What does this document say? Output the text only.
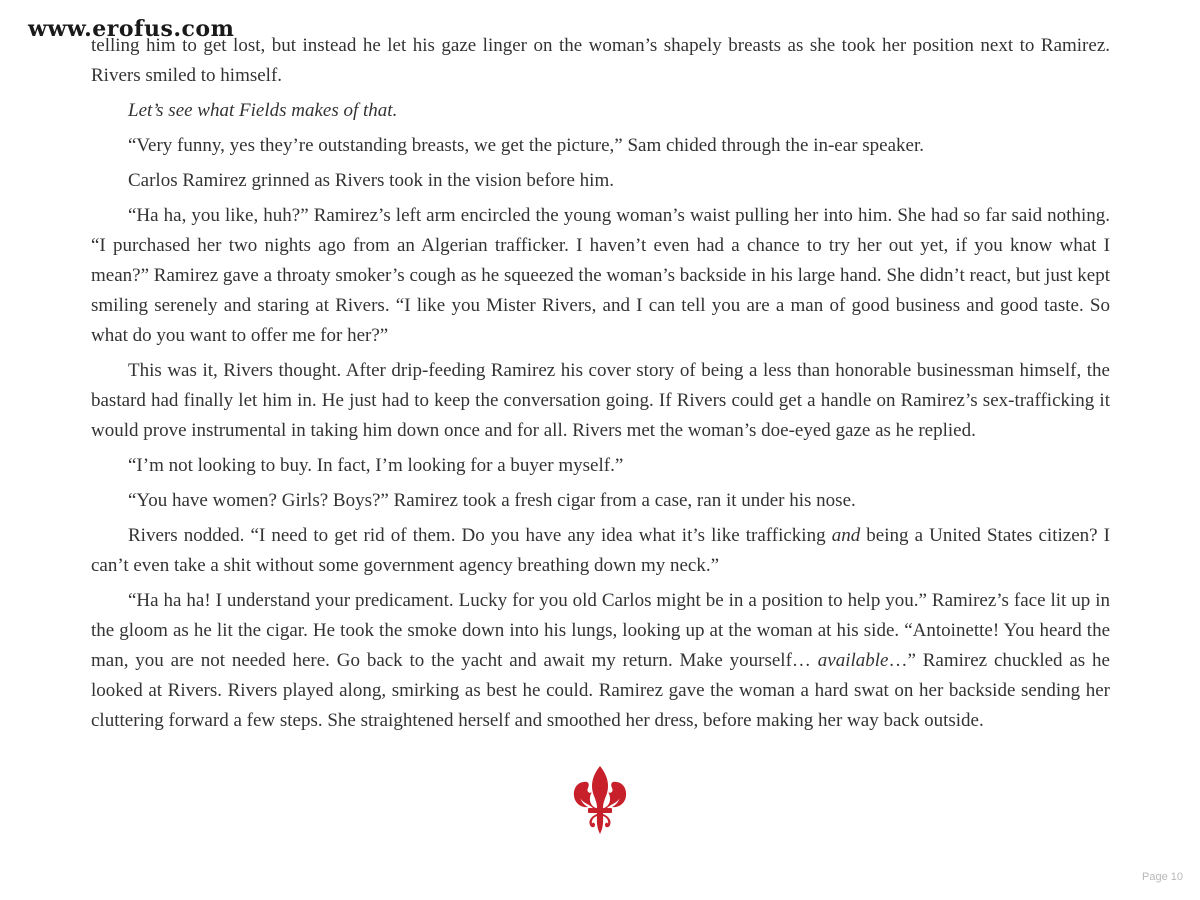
www.erofus.com

telling him to get lost, but instead he let his gaze linger on the woman’s shapely breasts as she took her position next to Ramirez. Rivers smiled to himself.

Let’s see what Fields makes of that.

“Very funny, yes they’re outstanding breasts, we get the picture,” Sam chided through the in-ear speaker.

Carlos Ramirez grinned as Rivers took in the vision before him.

“Ha ha, you like, huh?” Ramirez’s left arm encircled the young woman’s waist pulling her into him. She had so far said nothing. “I purchased her two nights ago from an Algerian trafficker. I haven’t even had a chance to try her out yet, if you know what I mean?” Ramirez gave a throaty smoker’s cough as he squeezed the woman’s backside in his large hand. She didn’t react, but just kept smiling serenely and staring at Rivers. “I like you Mister Rivers, and I can tell you are a man of good business and good taste. So what do you want to offer me for her?”

This was it, Rivers thought. After drip-feeding Ramirez his cover story of being a less than honorable businessman himself, the bastard had finally let him in. He just had to keep the conversation going. If Rivers could get a handle on Ramirez’s sex-trafficking it would prove instrumental in taking him down once and for all. Rivers met the woman’s doe-eyed gaze as he replied.

“I’m not looking to buy. In fact, I’m looking for a buyer myself.”

“You have women? Girls? Boys?” Ramirez took a fresh cigar from a case, ran it under his nose.

Rivers nodded. “I need to get rid of them. Do you have any idea what it’s like trafficking and being a United States citizen? I can’t even take a shit without some government agency breathing down my neck.”

“Ha ha ha! I understand your predicament. Lucky for you old Carlos might be in a position to help you.” Ramirez’s face lit up in the gloom as he lit the cigar. He took the smoke down into his lungs, looking up at the woman at his side. “Antoinette! You heard the man, you are not needed here. Go back to the yacht and await my return. Make yourself… available…” Ramirez chuckled as he looked at Rivers. Rivers played along, smirking as best he could. Ramirez gave the woman a hard swat on her backside sending her cluttering forward a few steps. She straightened herself and smoothed her dress, before making her way back outside.

Page 10
